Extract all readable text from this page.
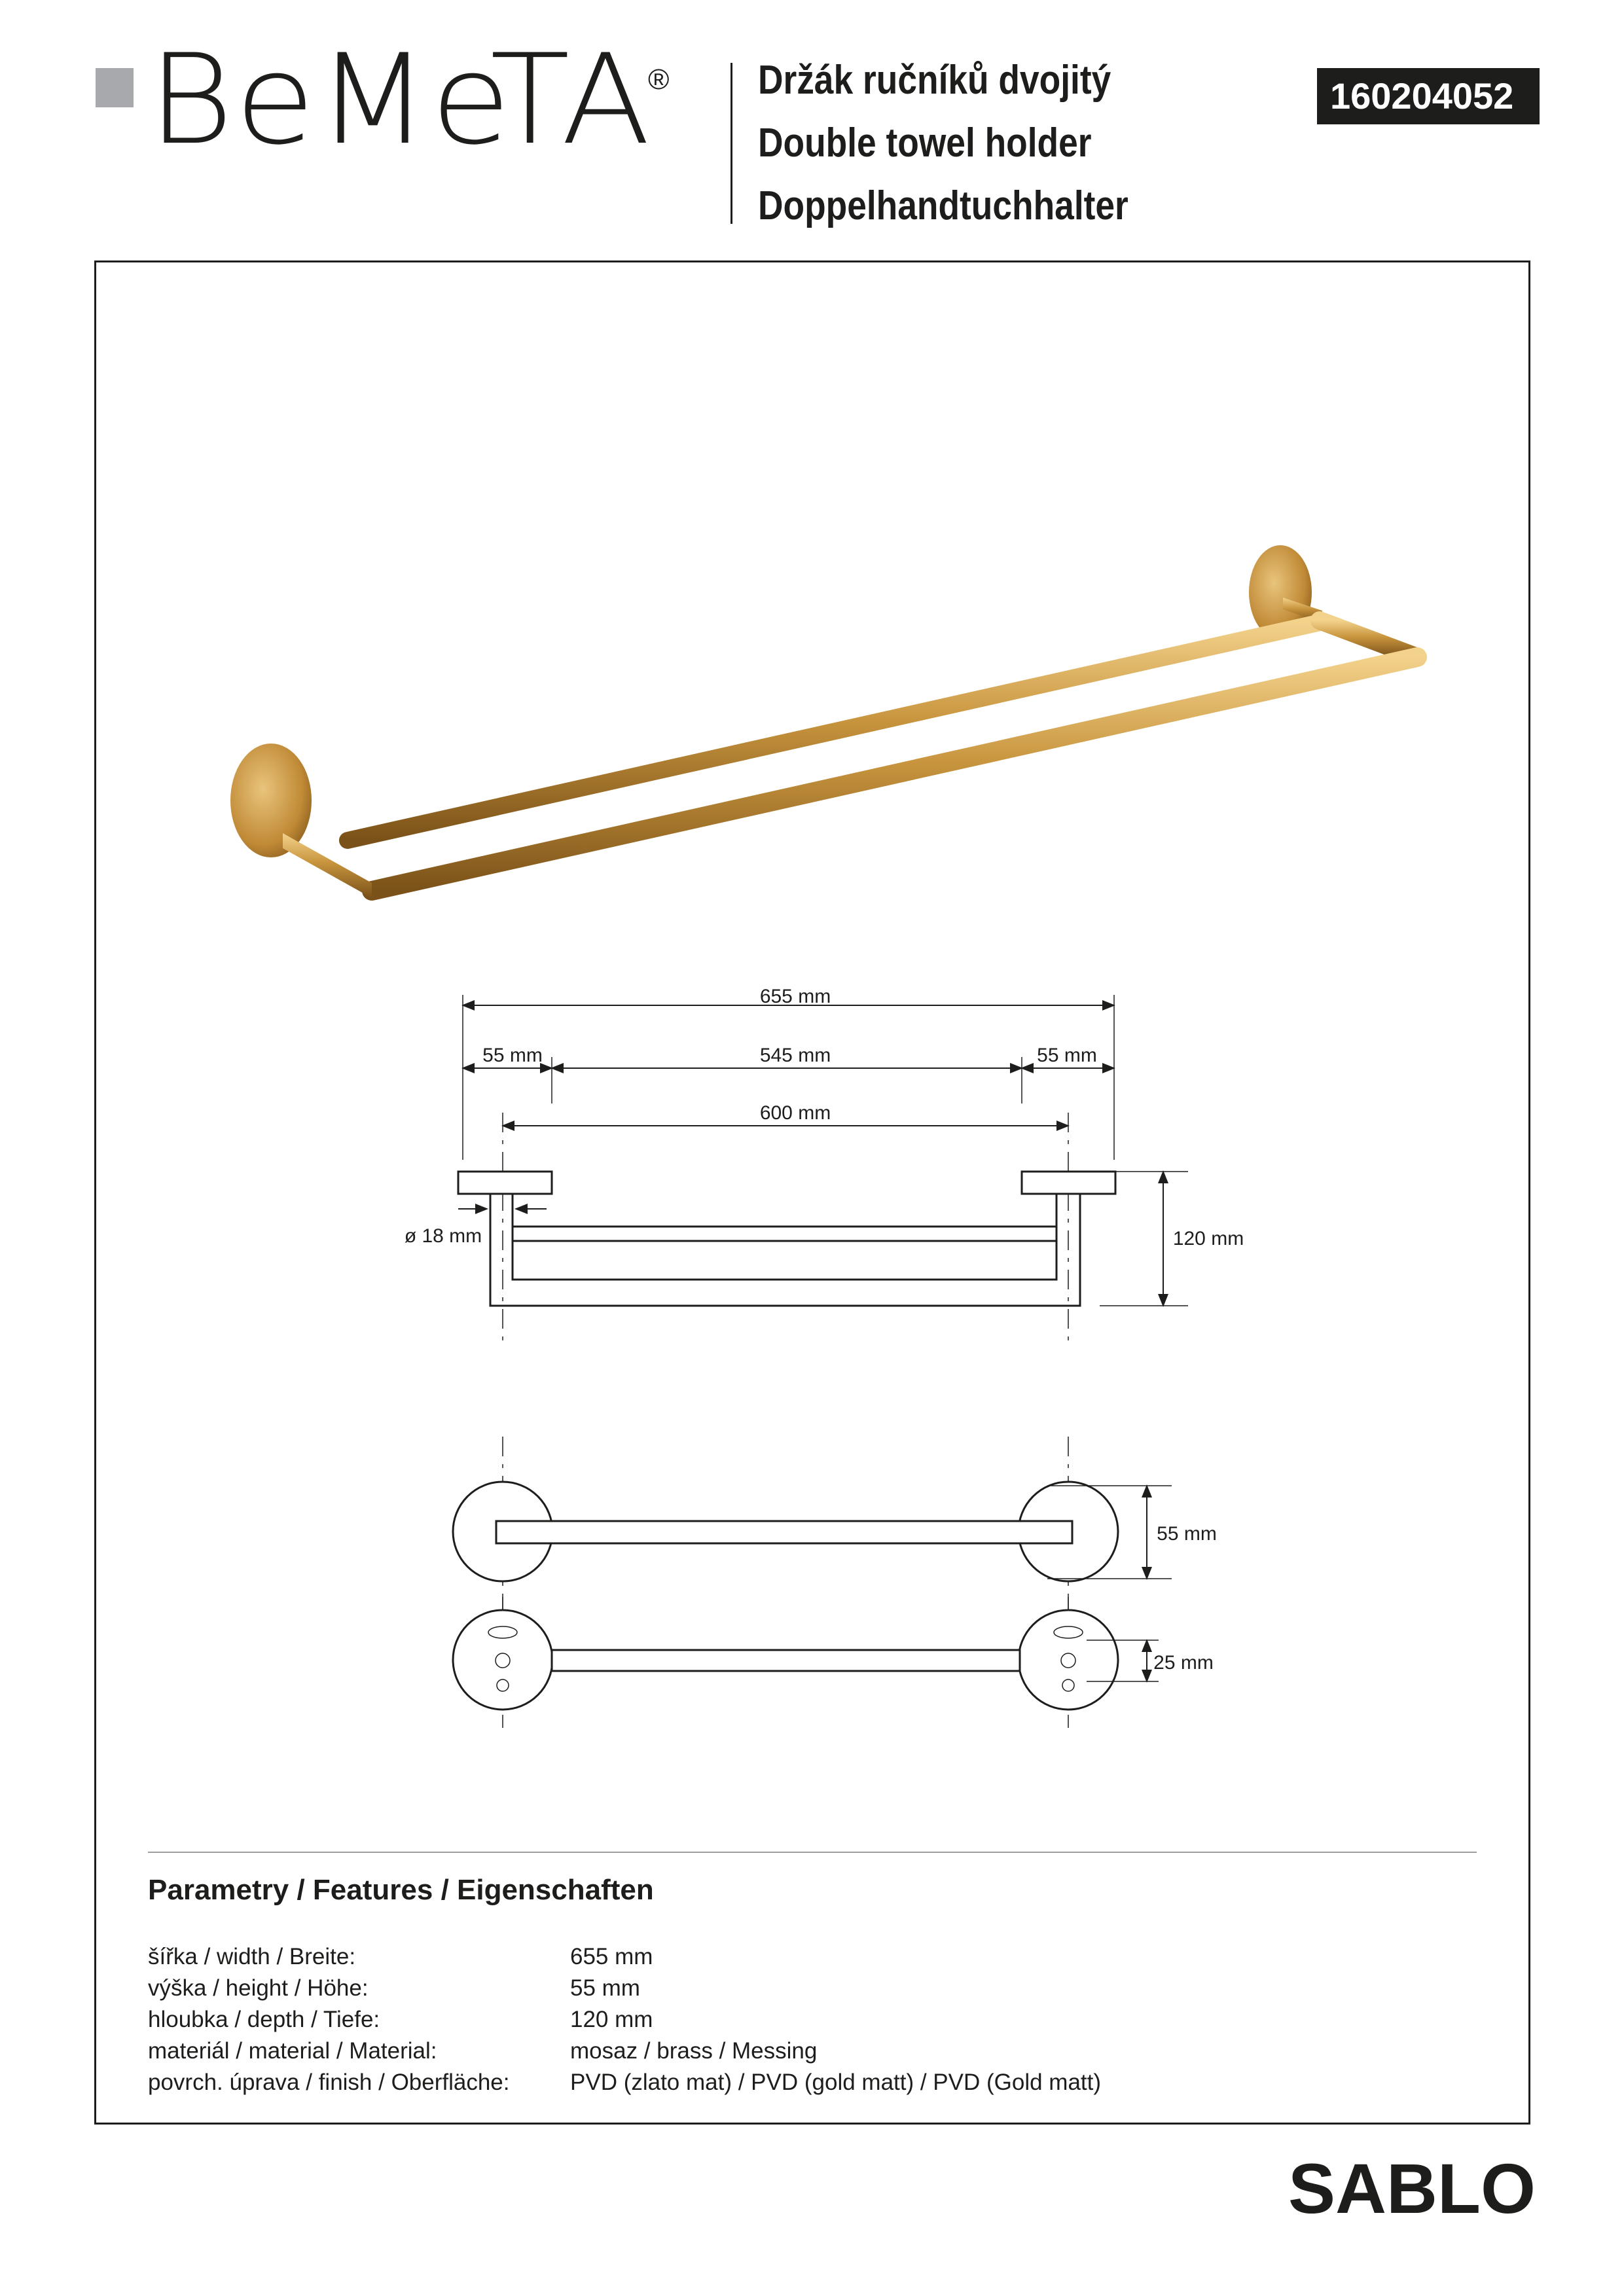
BeMeTA
® Držák ručníků dvojitý
Double towel holder
Doppelhandtuchhalter
160204052
655 mm
55 mm	545 mm	55 mm
600 mm
ø 18 mm	120 mm
55 mm
25 mm
Parametry / Features / Eigenschaften
šířka / width / Breite:	655 mm
výška / height / Höhe:	55 mm
hloubka / depth / Tiefe:	120 mm
materiál / material / Material:	mosaz / brass / Messing
povrch. úprava / finish / Oberfläche:	PVD (zlato mat) / PVD (gold matt) / PVD (Gold matt)
SABLO
